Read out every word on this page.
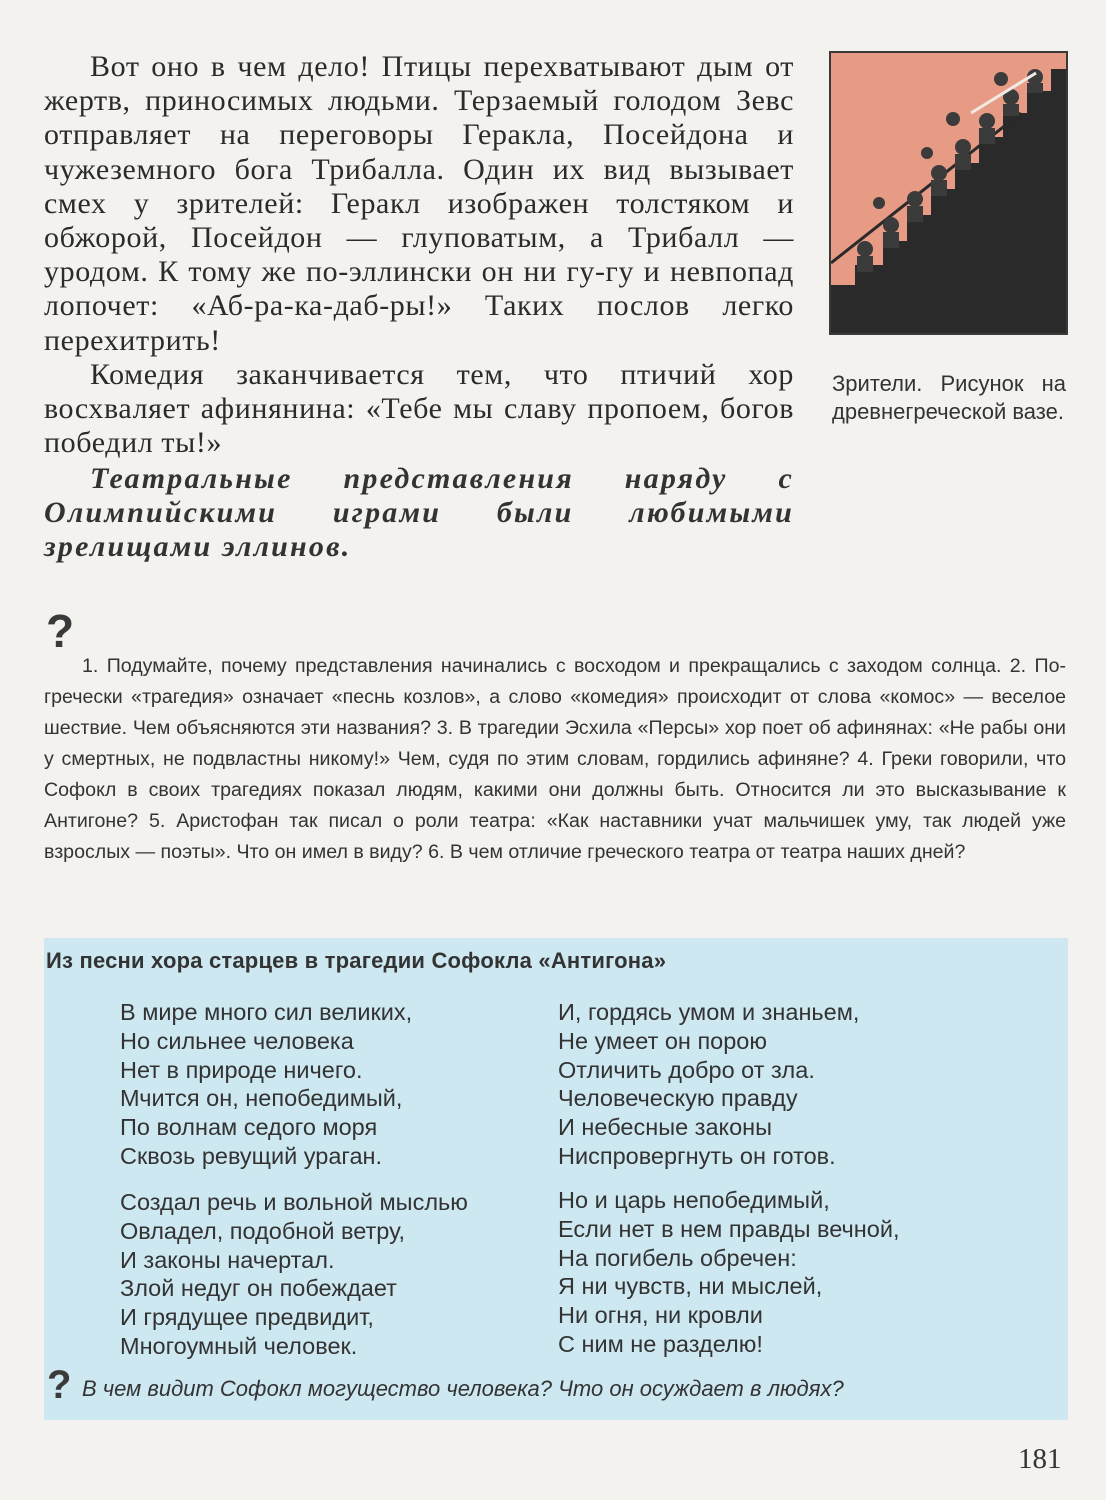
Вот оно в чем дело! Птицы перехватывают дым от жертв, приносимых людьми. Терзаемый голодом Зевс отправляет на переговоры Геракла, Посейдона и чужеземного бога Трибалла. Один их вид вызывает смех у зрителей: Геракл изображен толстяком и обжорой, Посейдон — глуповатым, а Трибалл — уродом. К тому же по-эллински он ни гу-гу и невпопад лопочет: «Аб-ра-ка-даб-ры!» Таких послов легко перехитрить!

Комедия заканчивается тем, что птичий хор восхваляет афинянина: «Тебе мы славу пропоем, богов победил ты!»

Театральные представления наряду с Олимпийскими играми были любимыми зрелищами эллинов.

Зрители. Рисунок на древнегреческой вазе.
?

1. Подумайте, почему представления начинались с восходом и прекращались с заходом солнца. 2. По-гречески «трагедия» означает «песнь козлов», а слово «комедия» происходит от слова «комос» — веселое шествие. Чем объясняются эти названия? 3. В трагедии Эсхила «Персы» хор поет об афинянах: «Не рабы они у смертных, не подвластны никому!» Чем, судя по этим словам, гордились афиняне? 4. Греки говорили, что Софокл в своих трагедиях показал людям, какими они должны быть. Относится ли это высказывание к Антигоне? 5. Аристофан так писал о роли театра: «Как наставники учат мальчишек уму, так людей уже взрослых — поэты». Что он имел в виду? 6. В чем отличие греческого театра от театра наших дней?

Из песни хора старцев в трагедии Софокла «Антигона»
В мире много сил великих,
Но сильнее человека
Нет в природе ничего.
Мчится он, непобедимый,
По волнам седого моря
Сквозь ревущий ураган.
И, гордясь умом и знаньем,
Не умеет он порою
Отличить добро от зла.
Человеческую правду
И небесные законы
Ниспровергнуть он готов.
Создал речь и вольной мыслью
Овладел, подобной ветру,
И законы начертал.
Злой недуг он побеждает
И грядущее предвидит,
Многоумный человек.
Но и царь непобедимый,
Если нет в нем правды вечной,
На погибель обречен:
Я ни чувств, ни мыслей,
Ни огня, ни кровли
С ним не разделю!
? В чем видит Софокл могущество человека? Что он осуждает в людях?
181
